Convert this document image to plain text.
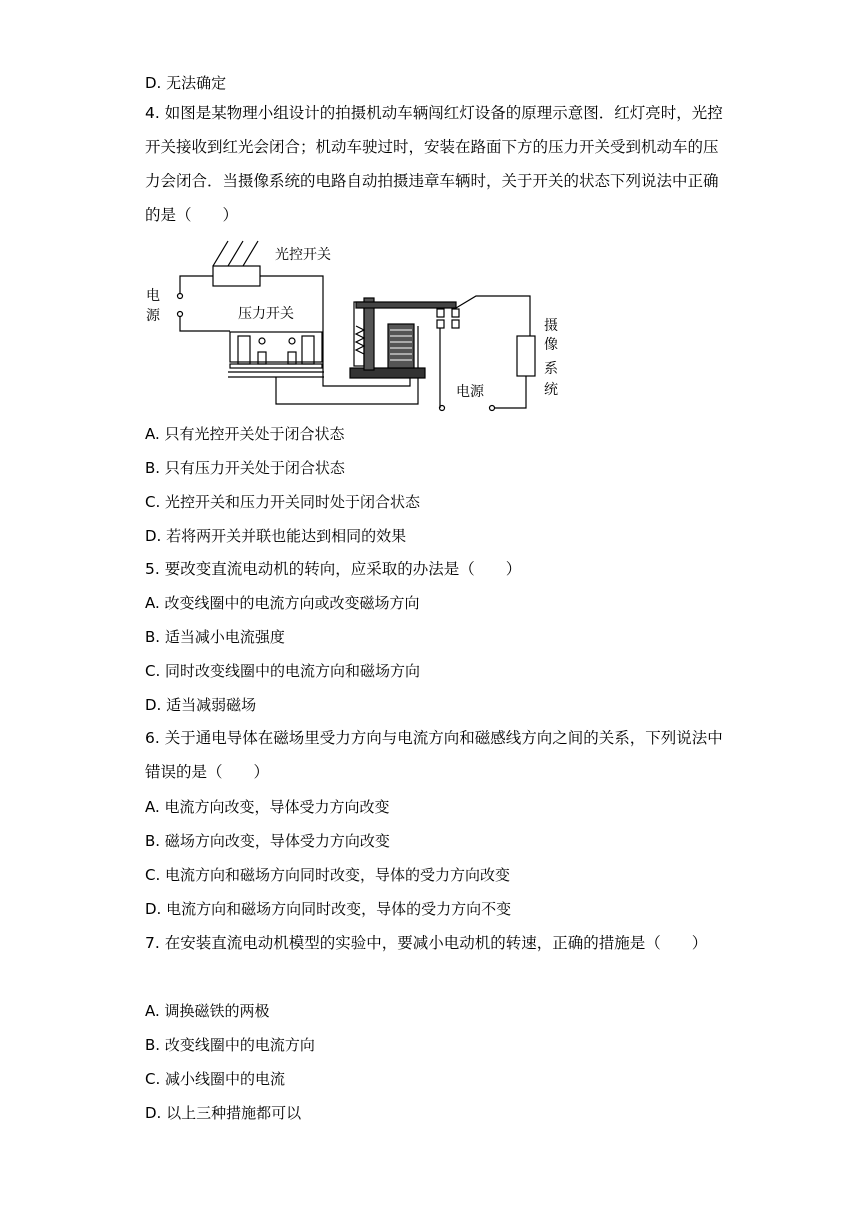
D. 无法确定
4. 如图是某物理小组设计的拍摄机动车辆闯红灯设备的原理示意图．红灯亮时，光控开关接收到红光会闭合；机动车驶过时，安装在路面下方的压力开关受到机动车的压力会闭合．当摄像系统的电路自动拍摄违章车辆时，关于开关的状态下列说法中正确的是（　　）
光控开关
压力开关
电
源
电源
摄
像
系
统
A. 只有光控开关处于闭合状态
B. 只有压力开关处于闭合状态
C. 光控开关和压力开关同时处于闭合状态
D. 若将两开关并联也能达到相同的效果
5. 要改变直流电动机的转向，应采取的办法是（　　）
A. 改变线圈中的电流方向或改变磁场方向
B. 适当减小电流强度
C. 同时改变线圈中的电流方向和磁场方向
D. 适当减弱磁场
6. 关于通电导体在磁场里受力方向与电流方向和磁感线方向之间的关系，下列说法中错误的是（　　）
A. 电流方向改变，导体受力方向改变
B. 磁场方向改变，导体受力方向改变
C. 电流方向和磁场方向同时改变，导体的受力方向改变
D. 电流方向和磁场方向同时改变，导体的受力方向不变
7. 在安装直流电动机模型的实验中，要减小电动机的转速，正确的措施是（　　）
A. 调换磁铁的两极
B. 改变线圈中的电流方向
C. 减小线圈中的电流
D. 以上三种措施都可以
